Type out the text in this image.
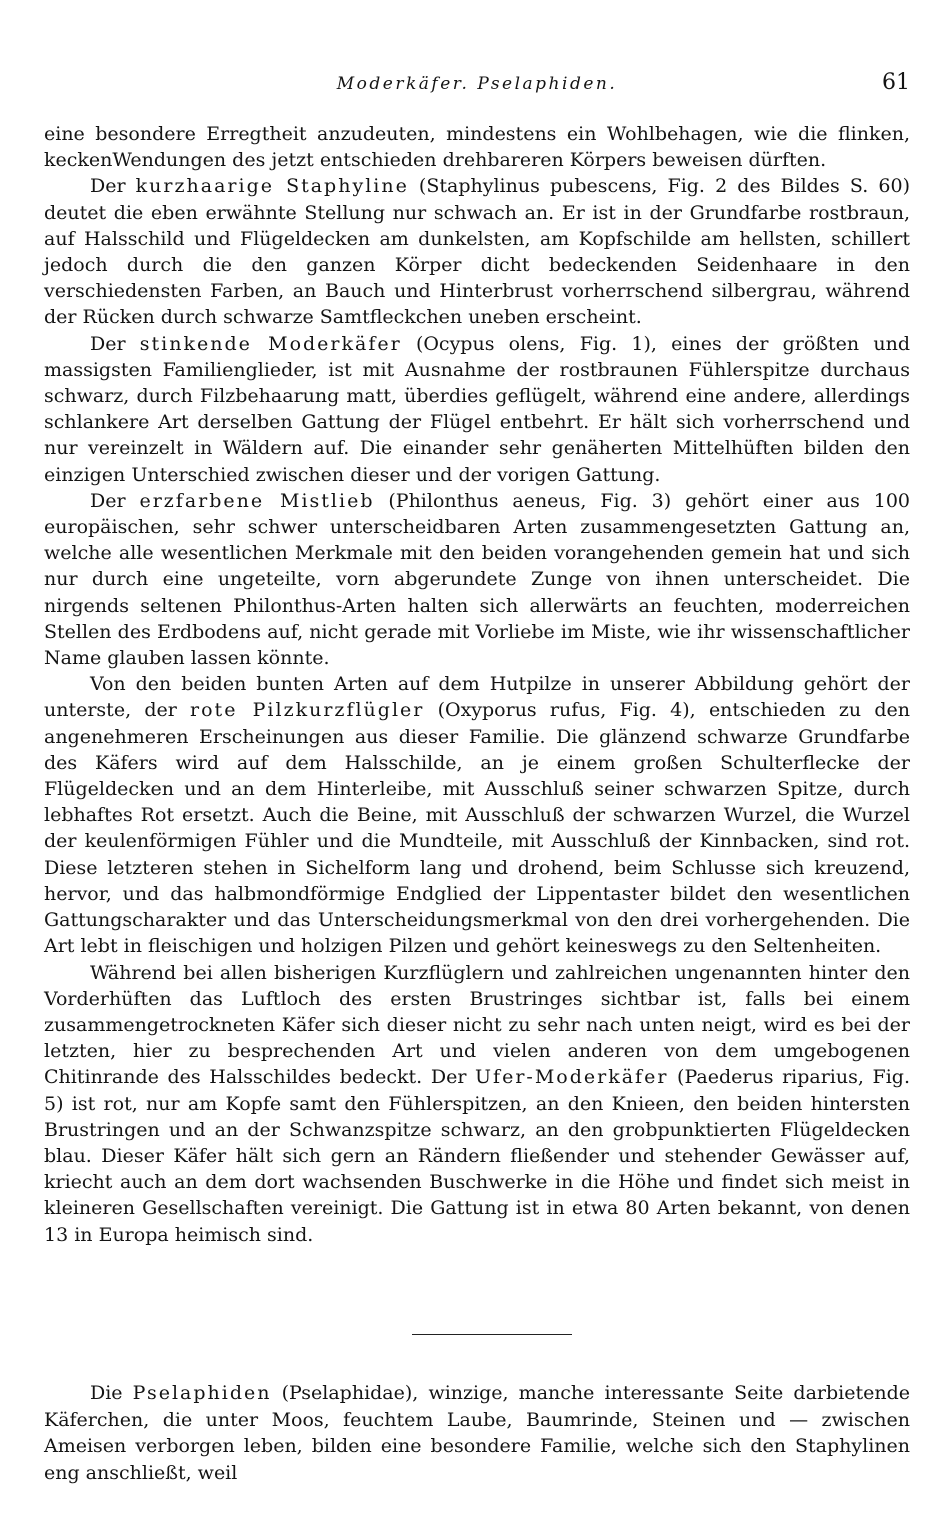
Moderkäfer. Pselaphiden.	61

eine besondere Erregtheit anzudeuten, mindestens ein Wohlbehagen, wie die flinken, keckenWendungen des jetzt entschieden drehbareren Körpers beweisen dürften.

Der kurzhaarige Staphyline (Staphylinus pubescens, Fig. 2 des Bildes S. 60) deutet die eben erwähnte Stellung nur schwach an. Er ist in der Grundfarbe rostbraun, auf Halsschild und Flügeldecken am dunkelsten, am Kopfschilde am hellsten, schillert jedoch durch die den ganzen Körper dicht bedeckenden Seidenhaare in den verschiedensten Farben, an Bauch und Hinterbrust vorherrschend silbergrau, während der Rücken durch schwarze Samtfleckchen uneben erscheint.

Der stinkende Moderkäfer (Ocypus olens, Fig. 1), eines der größten und massigsten Familienglieder, ist mit Ausnahme der rostbraunen Fühlerspitze durchaus schwarz, durch Filzbehaarung matt, überdies geflügelt, während eine andere, allerdings schlankere Art derselben Gattung der Flügel entbehrt. Er hält sich vorherrschend und nur vereinzelt in Wäldern auf. Die einander sehr genäherten Mittelhüften bilden den einzigen Unterschied zwischen dieser und der vorigen Gattung.

Der erzfarbene Mistlieb (Philonthus aeneus, Fig. 3) gehört einer aus 100 europäischen, sehr schwer unterscheidbaren Arten zusammengesetzten Gattung an, welche alle wesentlichen Merkmale mit den beiden vorangehenden gemein hat und sich nur durch eine ungeteilte, vorn abgerundete Zunge von ihnen unterscheidet. Die nirgends seltenen Philonthus-Arten halten sich allerwärts an feuchten, moderreichen Stellen des Erdbodens auf, nicht gerade mit Vorliebe im Miste, wie ihr wissenschaftlicher Name glauben lassen könnte.

Von den beiden bunten Arten auf dem Hutpilze in unserer Abbildung gehört der unterste, der rote Pilzkurzflügler (Oxyporus rufus, Fig. 4), entschieden zu den angenehmeren Erscheinungen aus dieser Familie. Die glänzend schwarze Grundfarbe des Käfers wird auf dem Halsschilde, an je einem großen Schulterflecke der Flügeldecken und an dem Hinterleibe, mit Ausschluß seiner schwarzen Spitze, durch lebhaftes Rot ersetzt. Auch die Beine, mit Ausschluß der schwarzen Wurzel, die Wurzel der keulenförmigen Fühler und die Mundteile, mit Ausschluß der Kinnbacken, sind rot. Diese letzteren stehen in Sichelform lang und drohend, beim Schlusse sich kreuzend, hervor, und das halbmondförmige Endglied der Lippentaster bildet den wesentlichen Gattungscharakter und das Unterscheidungsmerkmal von den drei vorhergehenden. Die Art lebt in fleischigen und holzigen Pilzen und gehört keineswegs zu den Seltenheiten.

Während bei allen bisherigen Kurzflüglern und zahlreichen ungenannten hinter den Vorderhüften das Luftloch des ersten Brustringes sichtbar ist, falls bei einem zusammengetrockneten Käfer sich dieser nicht zu sehr nach unten neigt, wird es bei der letzten, hier zu besprechenden Art und vielen anderen von dem umgebogenen Chitinrande des Halsschildes bedeckt. Der Ufer-Moderkäfer (Paederus riparius, Fig. 5) ist rot, nur am Kopfe samt den Fühlerspitzen, an den Knieen, den beiden hintersten Brustringen und an der Schwanzspitze schwarz, an den grobpunktierten Flügeldecken blau. Dieser Käfer hält sich gern an Rändern fließender und stehender Gewässer auf, kriecht auch an dem dort wachsenden Buschwerke in die Höhe und findet sich meist in kleineren Gesellschaften vereinigt. Die Gattung ist in etwa 80 Arten bekannt, von denen 13 in Europa heimisch sind.

Die Pselaphiden (Pselaphidae), winzige, manche interessante Seite darbietende Käferchen, die unter Moos, feuchtem Laube, Baumrinde, Steinen und — zwischen Ameisen verborgen leben, bilden eine besondere Familie, welche sich den Staphylinen eng anschließt, weil
